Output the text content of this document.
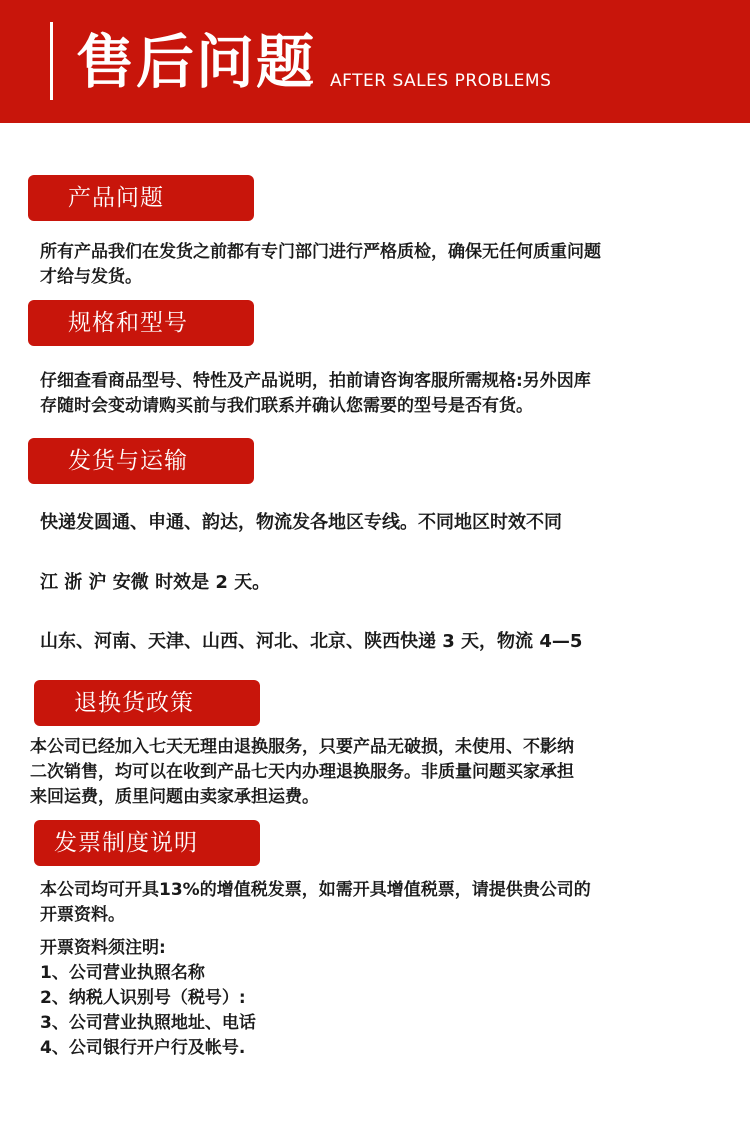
售后问题 AFTER SALES PROBLEMS
产品问题
所有产品我们在发货之前都有专门部门进行严格质检，确保无任何质重问题
才给与发货。
规格和型号
仔细查看商品型号、特性及产品说明，拍前请咨询客服所需规格:另外因库
存随时会变动请购买前与我们联系并确认您需要的型号是否有货。
发货与运输
快递发圆通、申通、韵达，物流发各地区专线。不同地区时效不同
江 浙 沪 安微 时效是 2 天。
山东、河南、天津、山西、河北、北京、陕西快递 3 天，物流 4—5
退换货政策
本公司已经加入七天无理由退换服务，只要产品无破损，未使用、不影纳
二次销售，均可以在收到产品七天内办理退换服务。非质量问题买家承担
来回运费，质里问题由卖家承担运费。
发票制度说明
本公司均可开具13%的增值税发票，如需开具增值税票，请提供贵公司的
开票资料。
开票资料须注明:
1、公司营业执照名称
2、纳税人识别号（税号）:
3、公司营业执照地址、电话
4、公司银行开户行及帐号.
